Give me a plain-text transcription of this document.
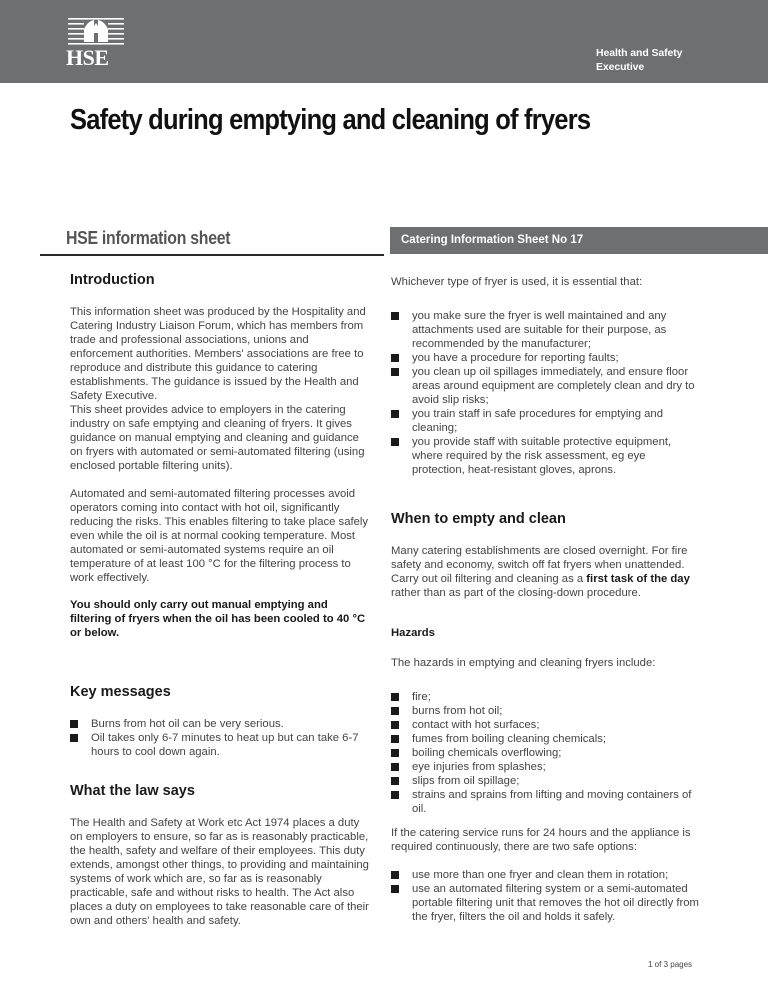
HSE	Health and Safety
Executive
Safety during emptying and cleaning of fryers
HSE information sheet	Catering Information Sheet No 17
Introduction

This information sheet was produced by the Hospitality and Catering Industry Liaison Forum, which has members from trade and professional associations, unions and enforcement authorities. Members' associations are free to reproduce and distribute this guidance to catering establishments. The guidance is issued by the Health and Safety Executive.

This sheet provides advice to employers in the catering industry on safe emptying and cleaning of fryers. It gives guidance on manual emptying and cleaning and guidance on fryers with automated or semi-automated filtering (using enclosed portable filtering units).

Automated and semi-automated filtering processes avoid operators coming into contact with hot oil, significantly reducing the risks. This enables filtering to take place safely even while the oil is at normal cooking temperature. Most automated or semi-automated systems require an oil temperature of at least 100 °C for the filtering process to work effectively.

You should only carry out manual emptying and filtering of fryers when the oil has been cooled to 40 °C or below.

Key messages
Burns from hot oil can be very serious.
Oil takes only 6-7 minutes to heat up but can take 6-7 hours to cool down again.
What the law says

The Health and Safety at Work etc Act 1974 places a duty on employers to ensure, so far as is reasonably practicable, the health, safety and welfare of their employees. This duty extends, amongst other things, to providing and maintaining systems of work which are, so far as is reasonably practicable, safe and without risks to health. The Act also places a duty on employees to take reasonable care of their own and others' health and safety.

Whichever type of fryer is used, it is essential that:

you make sure the fryer is well maintained and any attachments used are suitable for their purpose, as recommended by the manufacturer;
you have a procedure for reporting faults;
you clean up oil spillages immediately, and ensure floor areas around equipment are completely clean and dry to avoid slip risks;
you train staff in safe procedures for emptying and cleaning;
you provide staff with suitable protective equipment, where required by the risk assessment, eg eye protection, heat-resistant gloves, aprons.
When to empty and clean

Many catering establishments are closed overnight. For fire safety and economy, switch off fat fryers when unattended. Carry out oil filtering and cleaning as a first task of the day rather than as part of the closing-down procedure.

Hazards

The hazards in emptying and cleaning fryers include:

fire;
burns from hot oil;
contact with hot surfaces;
fumes from boiling cleaning chemicals;
boiling chemicals overflowing;
eye injuries from splashes;
slips from oil spillage;
strains and sprains from lifting and moving containers of oil.

If the catering service runs for 24 hours and the appliance is required continuously, there are two safe options:

use more than one fryer and clean them in rotation;
use an automated filtering system or a semi-automated portable filtering unit that removes the hot oil directly from the fryer, filters the oil and holds it safely.
1 of 3 pages
